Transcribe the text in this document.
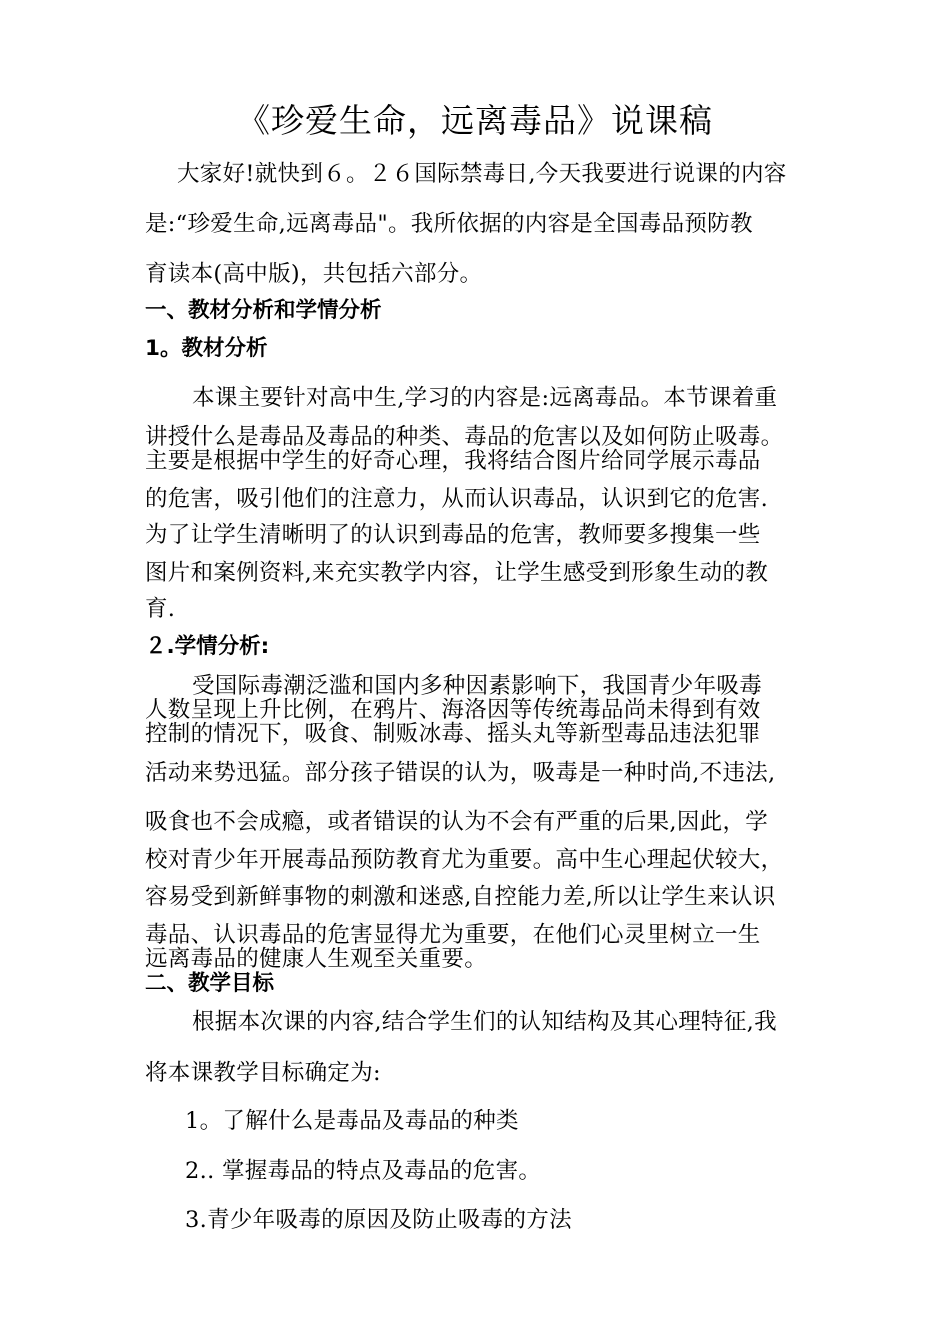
《珍爱生命，远离毒品》说课稿
大家好!就快到６。２６国际禁毒日,今天我要进行说课的内容
是:“珍爱生命,远离毒品"。我所依据的内容是全国毒品预防教
育读本(高中版)，共包括六部分。
一、教材分析和学情分析
1。教材分析
本课主要针对高中生,学习的内容是:远离毒品。本节课着重
讲授什么是毒品及毒品的种类、毒品的危害以及如何防止吸毒。
主要是根据中学生的好奇心理，我将结合图片给同学展示毒品
的危害，吸引他们的注意力，从而认识毒品，认识到它的危害.
为了让学生清晰明了的认识到毒品的危害，教师要多搜集一些
图片和案例资料,来充实教学内容，让学生感受到形象生动的教
育.
２.学情分析:
受国际毒潮泛滥和国内多种因素影响下，我国青少年吸毒
人数呈现上升比例，在鸦片、海洛因等传统毒品尚未得到有效
控制的情况下，吸食、制贩冰毒、摇头丸等新型毒品违法犯罪
活动来势迅猛。部分孩子错误的认为，吸毒是一种时尚,不违法,
吸食也不会成瘾，或者错误的认为不会有严重的后果,因此，学
校对青少年开展毒品预防教育尤为重要。高中生心理起伏较大，
容易受到新鲜事物的刺激和迷惑,自控能力差,所以让学生来认识
毒品、认识毒品的危害显得尤为重要，在他们心灵里树立一生
远离毒品的健康人生观至关重要。
二、教学目标
根据本次课的内容,结合学生们的认知结构及其心理特征,我
将本课教学目标确定为:
1。了解什么是毒品及毒品的种类
2.. 掌握毒品的特点及毒品的危害。
3.青少年吸毒的原因及防止吸毒的方法
